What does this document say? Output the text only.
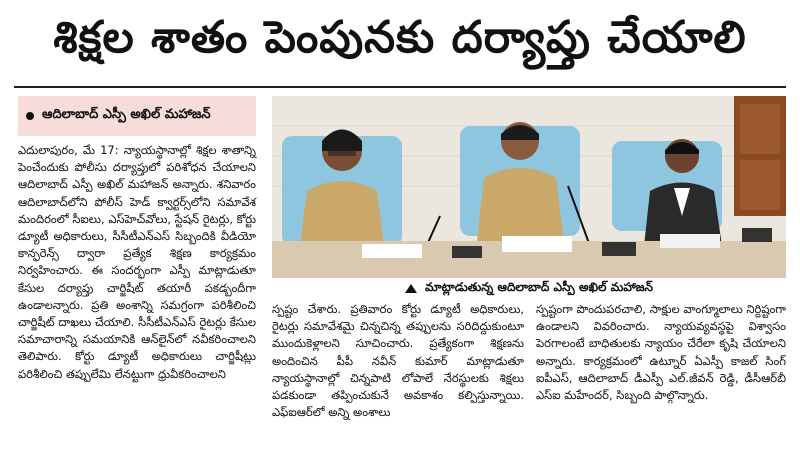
శిక్షల శాతం పెంపునకు దర్యాప్తు చేయాలి
ఆదిలాబాద్‌ ఎస్పీ అఖిల్‌ మహాజన్‌
ఎదులాపురం, మే 17: న్యాయస్థానాల్లో శిక్షల శాతాన్ని పెంచేందుకు పోలీసు దర్యాప్తులో పరిశోధన చేయాలని ఆదిలాబాద్‌ ఎస్పీ అఖిల్‌ మహాజన్‌ అన్నారు. శనివారం ఆదిలాబాద్‌లోని పోలీస్‌ హెడ్‌ క్వార్టర్స్‌లోని సమావేశ మందిరంలో సీఐలు, ఎస్‌హెచ్‌వోలు, స్టేషన్‌ రైటర్లు, కోర్టు డ్యూటీ అధికారులు, సీసీటీఎన్‌ఎస్‌ సిబ్బందికి వీడియో కాన్ఫరెన్స్‌ ద్వారా ప్రత్యేక శిక్షణ కార్యక్రమం నిర్వహించారు. ఈ సందర్భంగా ఎస్పీ మాట్లాడుతూ కేసుల దర్యాప్తు చార్జిషీట్‌ తయారీ పకడ్బందీగా ఉండాలన్నారు. ప్రతి అంశాన్ని సమగ్రంగా పరిశీలించి చార్జిషీట్‌ దాఖలు చేయాలి. సీసీటీఎన్‌ఎస్‌ రైటర్లు కేసుల సమాచారాన్ని సమయానికి ఆన్‌లైన్‌లో నవీకరించాలని తెలిపారు. కోర్టు డ్యూటీ అధికారులు చార్జిషీట్లు పరిశీలించి తప్పులేమి లేనట్టుగా ధ్రువీకరించాలని
మాట్లాడుతున్న ఆదిలాబాద్‌ ఎస్పీ అఖిల్‌ మహాజన్‌
స్పష్టం చేశారు. ప్రతివారం కోర్టు డ్యూటీ అధికారులు, రైటర్లు సమావేశమై చిన్నచిన్న తప్పులను సరిదిద్దుకుంటూ ముందుకెళ్లాలని సూచించారు. ప్రత్యేకంగా శిక్షణను అందించిన పీపీ నవీన్‌ కుమార్‌ మాట్లాడుతూ న్యాయస్థానాల్లో చిన్నపాటి లోపాలే నేరస్థులకు శిక్షలు పడకుండా తప్పించుకునే అవకాశం కల్పిస్తున్నాయి. ఎఫ్‌ఐఆర్‌లో అన్ని అంశాలు
స్పష్టంగా పొందుపరచాలి, సాక్షుల వాంగ్మూలాలు నిర్దిష్టంగా ఉండాలని వివరించారు. న్యాయవ్యవస్థపై విశ్వాసం పెరగాలంటే బాధితులకు న్యాయం చేరేలా కృషి చేయాలని అన్నారు. కార్యక్రమంలో ఉట్నూర్‌ ఏఎస్పీ కాజల్‌ సింగ్‌ ఐపీఎస్‌, ఆదిలాబాద్‌ డీఎస్పీ ఎల్‌.జీవన్‌ రెడ్డి, డీసీఆర్‌బీ ఎస్‌ఐ మహేందర్‌, సిబ్బంది పాల్గొన్నారు.
